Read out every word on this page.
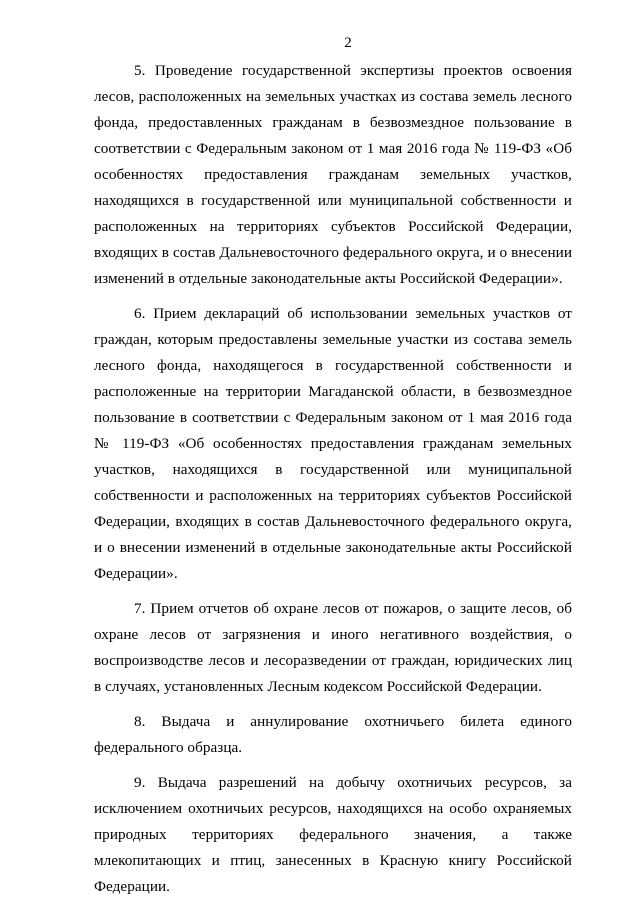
2

5. Проведение государственной экспертизы проектов освоения лесов, расположенных на земельных участках из состава земель лесного фонда, предоставленных гражданам в безвозмездное пользование в соответствии с Федеральным законом от 1 мая 2016 года № 119-ФЗ «Об особенностях предоставления гражданам земельных участков, находящихся в государственной или муниципальной собственности и расположенных на территориях субъектов Российской Федерации, входящих в состав Дальневосточного федерального округа, и о внесении изменений в отдельные законодательные акты Российской Федерации».

6. Прием деклараций об использовании земельных участков от граждан, которым предоставлены земельные участки из состава земель лесного фонда, находящегося в государственной собственности и расположенные на территории Магаданской области, в безвозмездное пользование в соответствии с Федеральным законом от 1 мая 2016 года № 119-ФЗ «Об особенностях предоставления гражданам земельных участков, находящихся в государственной или муниципальной собственности и расположенных на территориях субъектов Российской Федерации, входящих в состав Дальневосточного федерального округа, и о внесении изменений в отдельные законодательные акты Российской Федерации».

7. Прием отчетов об охране лесов от пожаров, о защите лесов, об охране лесов от загрязнения и иного негативного воздействия, о воспроизводстве лесов и лесоразведении от граждан, юридических лиц в случаях, установленных Лесным кодексом Российской Федерации.

8. Выдача и аннулирование охотничьего билета единого федерального образца.

9. Выдача разрешений на добычу охотничьих ресурсов, за исключением охотничьих ресурсов, находящихся на особо охраняемых природных территориях федерального значения, а также млекопитающих и птиц, занесенных в Красную книгу Российской Федерации.
